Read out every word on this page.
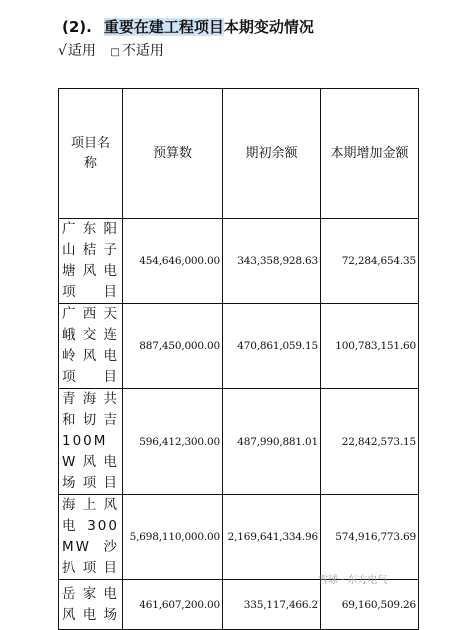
(2). 重要在建工程项目本期变动情况
√适用 □ 不适用
项目名称	预算数	期初余额	本期增加金额

广东阳山桔子塘风电项目	454,646,000.00	343,358,928.63	72,284,654.35
广西天峨交连岭风电项目	887,450,000.00	470,861,059.15	100,783,151.60
青海共和切吉100MW风电场项目	596,412,300.00	487,990,881.01	22,842,573.15
海上风电300MW沙扒项目	5,698,110,000.00	2,169,641,334.96	574,916,773.69
岳家电风电场	461,607,200.00	335,117,466.2	69,160,509.26
雪球 · 东方电气
